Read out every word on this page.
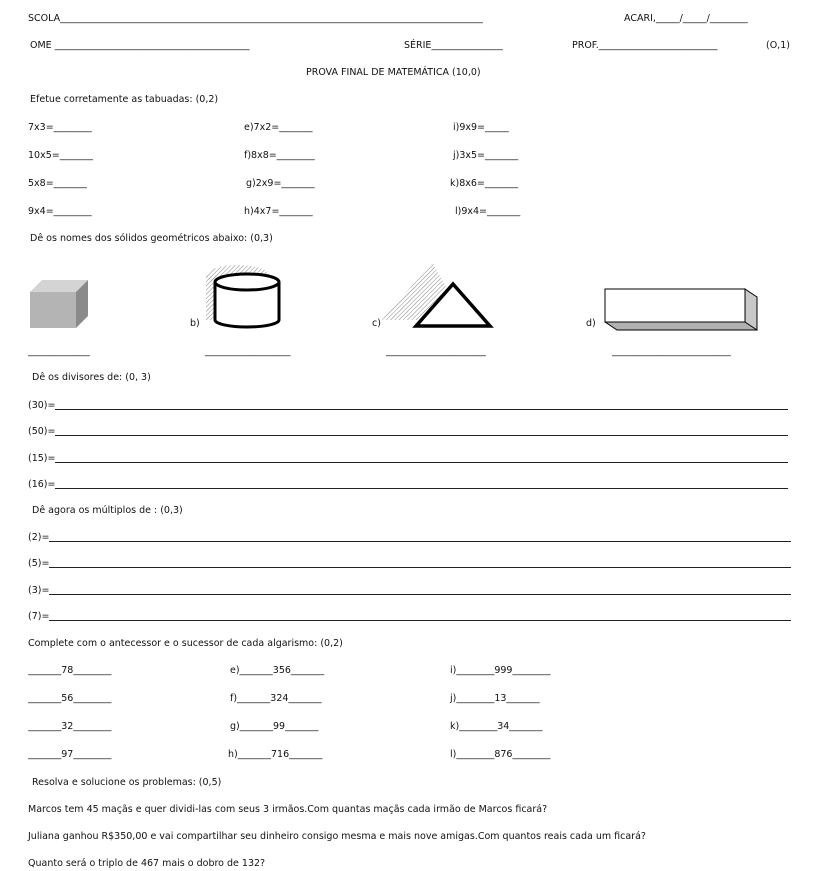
SCOLA_________________________________________________________________________________________	ACARI,_____/_____/________
OME _________________________________________	SÉRIE_______________	PROF._________________________	(O,1)
PROVA FINAL DE MATEMÁTICA (10,0)
Efetue corretamente as tabuadas: (0,2)
7x3=________	e)7x2=_______	i)9x9=_____
10x5=_______	f)8x8=________	j)3x5=_______
5x8=_______	g)2x9=_______	k)8x6=_______
9x4=________	h)4x7=_______	l)9x4=_______
Dê os nomes dos sólidos geométricos abaixo: (0,3)
b)	c)	d)
_____________	__________________	_____________________	_________________________
Dê os divisores de: (0, 3)
(30)=
(50)=
(15)=
(16)=
Dê agora os múltiplos de : (0,3)
(2)=
(5)=
(3)=
(7)=
Complete com o antecessor e o sucessor de cada algarismo: (0,2)
_______78________	e)_______356_______	i)________999________
_______56________	f)_______324_______	j)________13_______
_______32________	g)_______99_______	k)________34_______
_______97________	h)_______716_______	l)________876________
Resolva e solucione os problemas: (0,5)
Marcos tem 45 maçãs e quer dividi-las com seus 3 irmãos.Com quantas maçãs cada irmão de Marcos ficará?
Juliana ganhou R$350,00 e vai compartilhar seu dinheiro consigo mesma e mais nove amigas.Com quantos reais cada um ficará?
Quanto será o triplo de 467 mais o dobro de 132?
